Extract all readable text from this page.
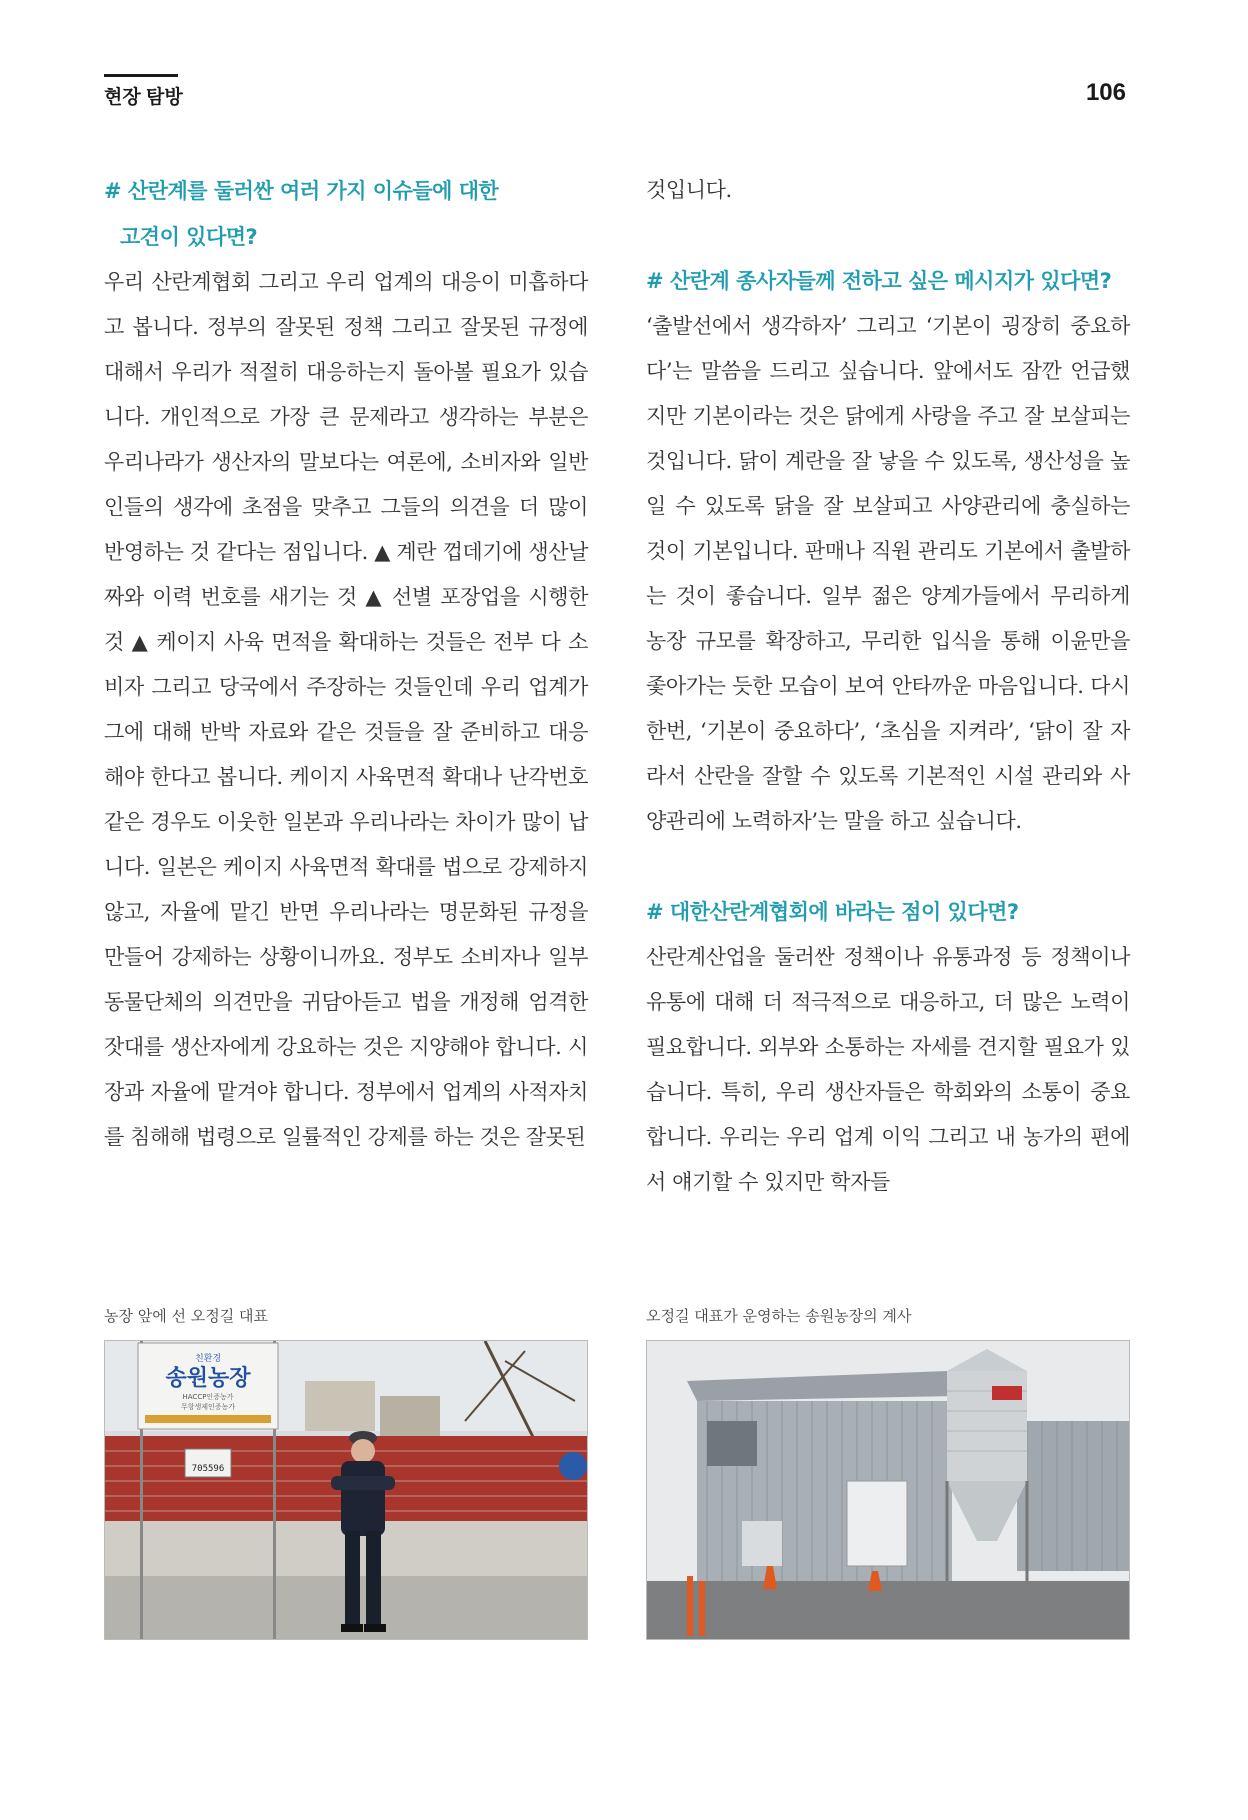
현장 탐방	106
# 산란계를 둘러싼 여러 가지 이슈들에 대한
고견이 있다면?

우리 산란계협회 그리고 우리 업계의 대응이 미흡하다고 봅니다. 정부의 잘못된 정책 그리고 잘못된 규정에 대해서 우리가 적절히 대응하는지 돌아볼 필요가 있습니다. 개인적으로 가장 큰 문제라고 생각하는 부분은 우리나라가 생산자의 말보다는 여론에, 소비자와 일반인들의 생각에 초점을 맞추고 그들의 의견을 더 많이 반영하는 것 같다는 점입니다. ▲ 계란 껍데기에 생산날짜와 이력 번호를 새기는 것 ▲ 선별 포장업을 시행한 것 ▲ 케이지 사육 면적을 확대하는 것들은 전부 다 소비자 그리고 당국에서 주장하는 것들인데 우리 업계가 그에 대해 반박 자료와 같은 것들을 잘 준비하고 대응해야 한다고 봅니다. 케이지 사육면적 확대나 난각번호 같은 경우도 이웃한 일본과 우리나라는 차이가 많이 납니다. 일본은 케이지 사육면적 확대를 법으로 강제하지 않고, 자율에 맡긴 반면 우리나라는 명문화된 규정을 만들어 강제하는 상황이니까요. 정부도 소비자나 일부 동물단체의 의견만을 귀담아듣고 법을 개정해 엄격한 잣대를 생산자에게 강요하는 것은 지양해야 합니다. 시장과 자율에 맡겨야 합니다. 정부에서 업계의 사적자치를 침해해 법령으로 일률적인 강제를 하는 것은 잘못된

것입니다.

# 산란계 종사자들께 전하고 싶은 메시지가 있다면?

‘출발선에서 생각하자’ 그리고 ‘기본이 굉장히 중요하다’는 말씀을 드리고 싶습니다. 앞에서도 잠깐 언급했지만 기본이라는 것은 닭에게 사랑을 주고 잘 보살피는 것입니다. 닭이 계란을 잘 낳을 수 있도록, 생산성을 높일 수 있도록 닭을 잘 보살피고 사양관리에 충실하는 것이 기본입니다. 판매나 직원 관리도 기본에서 출발하는 것이 좋습니다. 일부 젊은 양계가들에서 무리하게 농장 규모를 확장하고, 무리한 입식을 통해 이윤만을 좇아가는 듯한 모습이 보여 안타까운 마음입니다. 다시 한번, ‘기본이 중요하다’, ‘초심을 지켜라’, ‘닭이 잘 자라서 산란을 잘할 수 있도록 기본적인 시설 관리와 사양관리에 노력하자’는 말을 하고 싶습니다.

# 대한산란계협회에 바라는 점이 있다면?

산란계산업을 둘러싼 정책이나 유통과정 등 정책이나 유통에 대해 더 적극적으로 대응하고, 더 많은 노력이 필요합니다. 외부와 소통하는 자세를 견지할 필요가 있습니다. 특히, 우리 생산자들은 학회와의 소통이 중요합니다. 우리는 우리 업계 이익 그리고 내 농가의 편에서 얘기할 수 있지만 학자들

농장 앞에 선 오정길 대표	오정길 대표가 운영하는 송원농장의 계사
친환경
송원농장
HACCP인증농가
무항생제인증농가
705596
